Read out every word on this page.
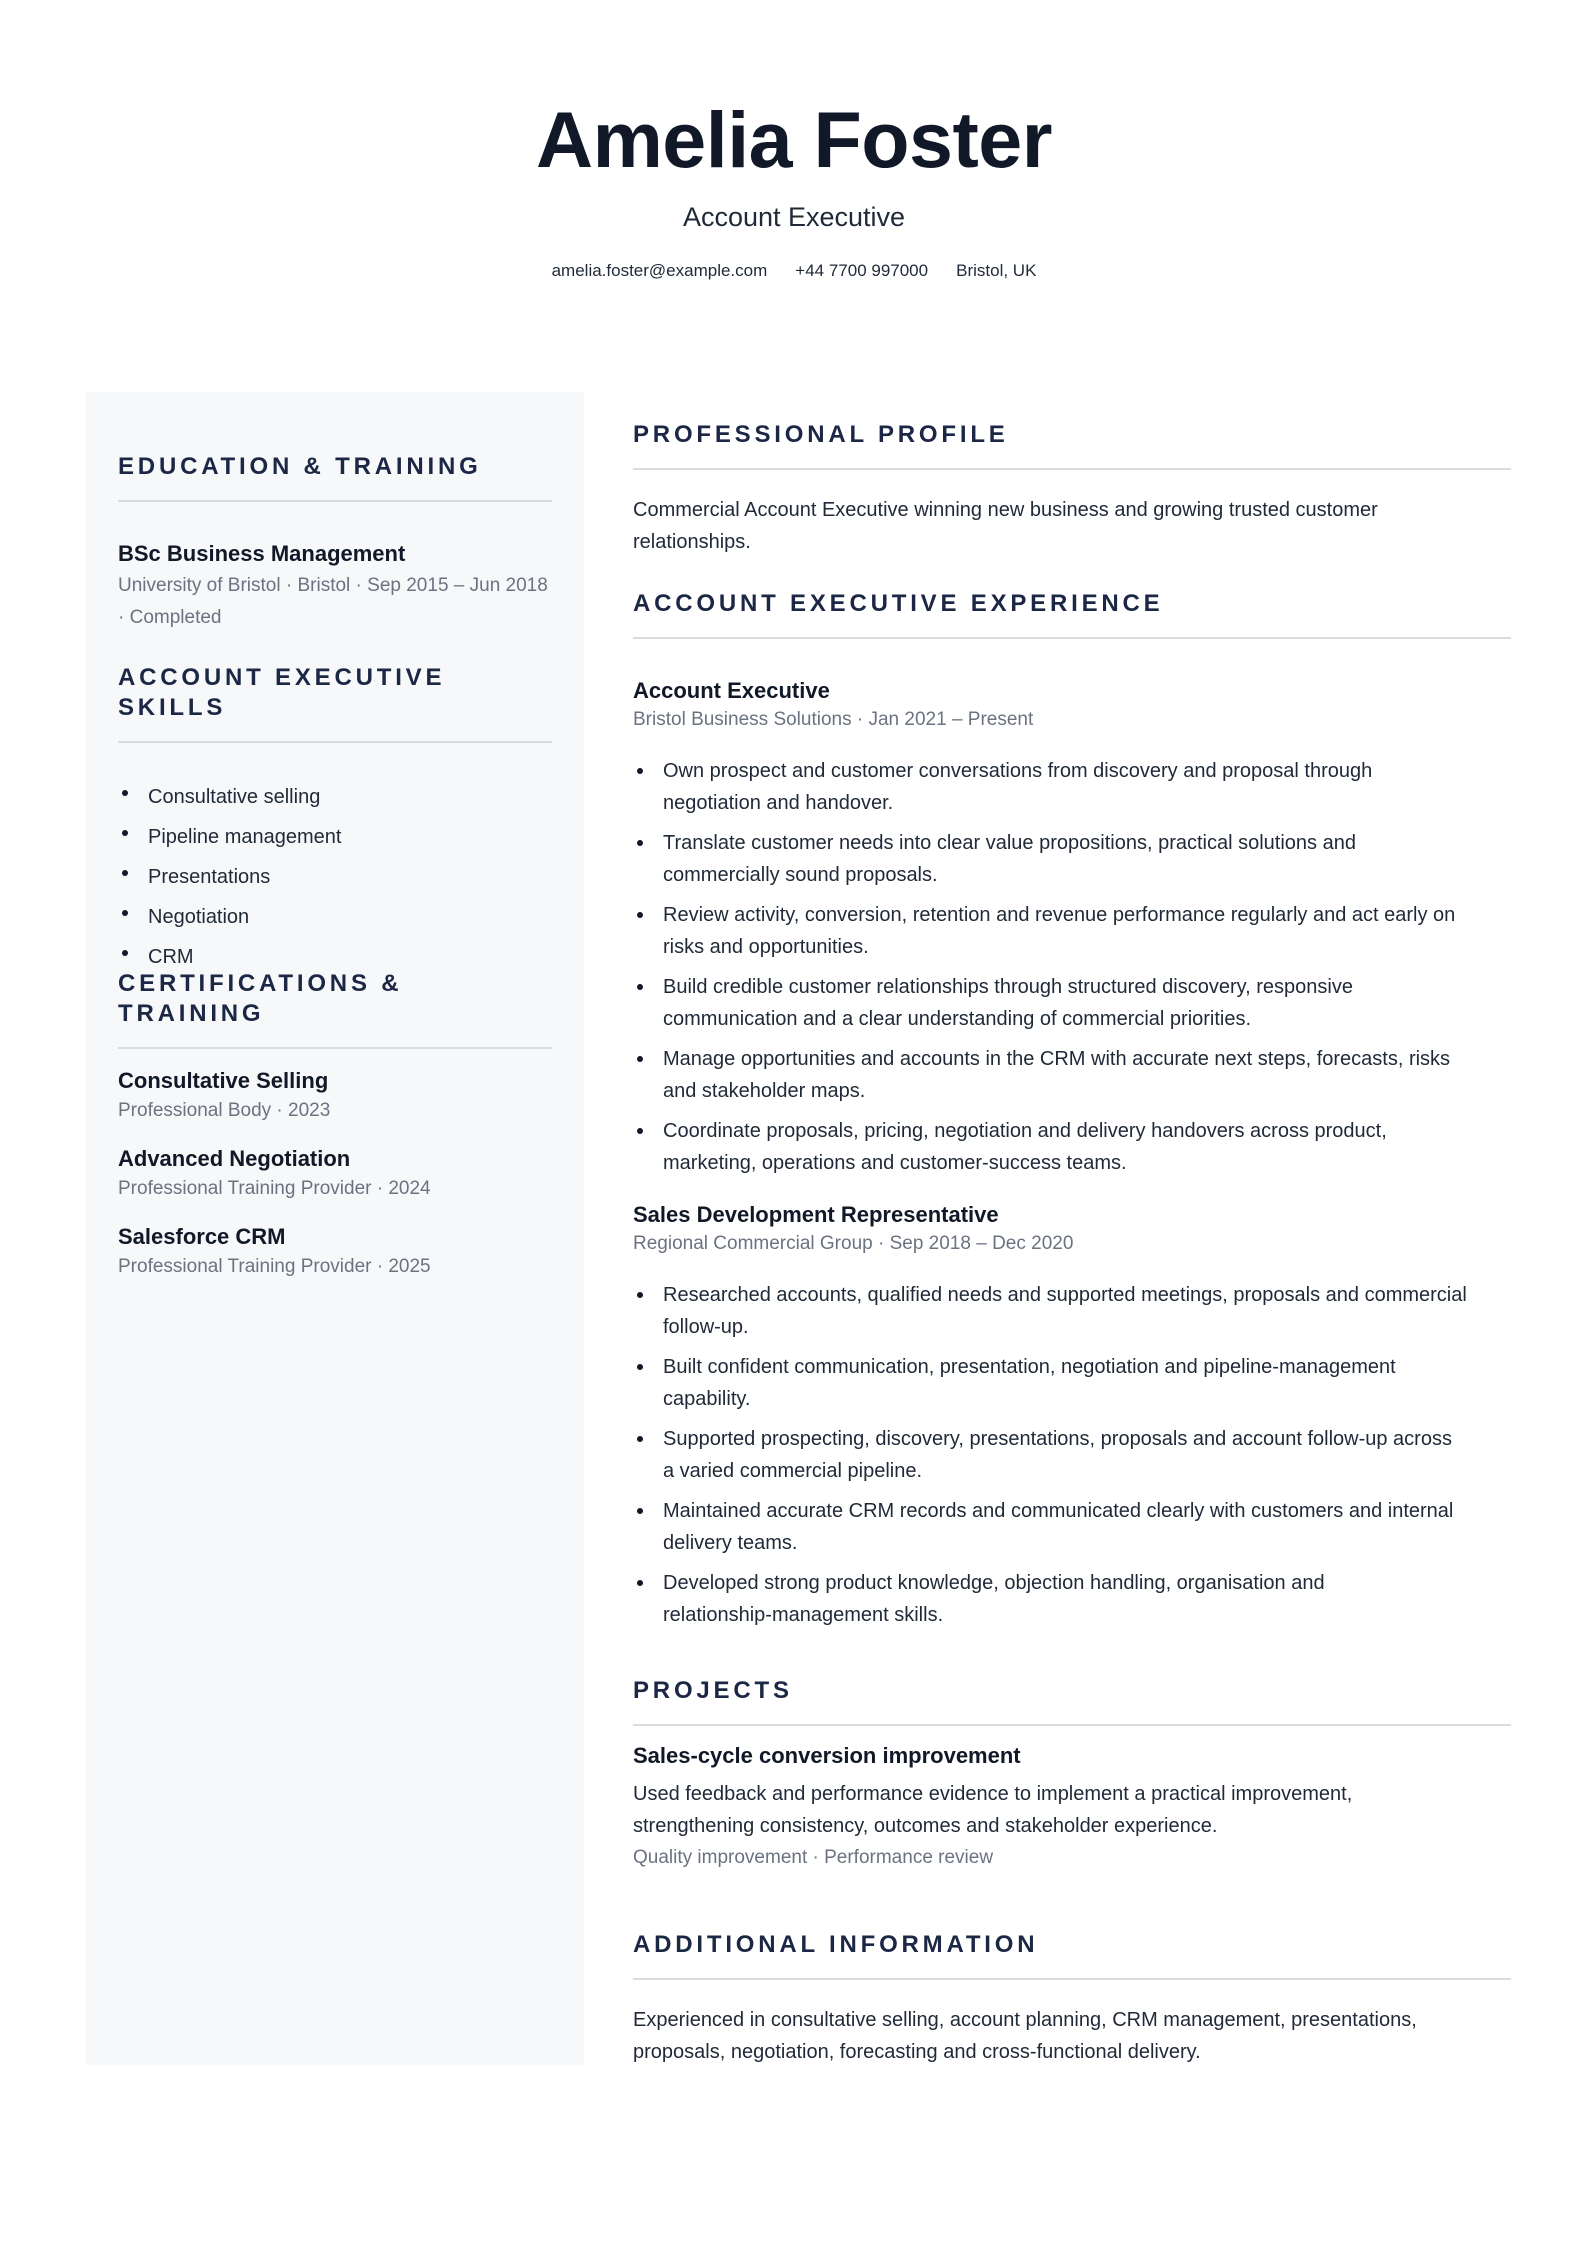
Amelia Foster
Account Executive
amelia.foster@example.com +44 7700 997000 Bristol, UK
EDUCATION & TRAINING
BSc Business Management
University of Bristol · Bristol · Sep 2015 – Jun 2018
· Completed
ACCOUNT EXECUTIVE SKILLS
Consultative selling
Pipeline management
Presentations
Negotiation
CRM
CERTIFICATIONS & TRAINING
Consultative Selling
Professional Body · 2023
Advanced Negotiation
Professional Training Provider · 2024
Salesforce CRM
Professional Training Provider · 2025
PROFESSIONAL PROFILE
Commercial Account Executive winning new business and growing trusted customer
relationships.
ACCOUNT EXECUTIVE EXPERIENCE
Account Executive
Bristol Business Solutions · Jan 2021 – Present
Own prospect and customer conversations from discovery and proposal through
negotiation and handover.
Translate customer needs into clear value propositions, practical solutions and
commercially sound proposals.
Review activity, conversion, retention and revenue performance regularly and act early on
risks and opportunities.
Build credible customer relationships through structured discovery, responsive
communication and a clear understanding of commercial priorities.
Manage opportunities and accounts in the CRM with accurate next steps, forecasts, risks
and stakeholder maps.
Coordinate proposals, pricing, negotiation and delivery handovers across product,
marketing, operations and customer-success teams.
Sales Development Representative
Regional Commercial Group · Sep 2018 – Dec 2020
Researched accounts, qualified needs and supported meetings, proposals and commercial
follow-up.
Built confident communication, presentation, negotiation and pipeline-management
capability.
Supported prospecting, discovery, presentations, proposals and account follow-up across
a varied commercial pipeline.
Maintained accurate CRM records and communicated clearly with customers and internal
delivery teams.
Developed strong product knowledge, objection handling, organisation and
relationship-management skills.
PROJECTS
Sales-cycle conversion improvement
Used feedback and performance evidence to implement a practical improvement,
strengthening consistency, outcomes and stakeholder experience.
Quality improvement · Performance review
ADDITIONAL INFORMATION
Experienced in consultative selling, account planning, CRM management, presentations,
proposals, negotiation, forecasting and cross-functional delivery.
